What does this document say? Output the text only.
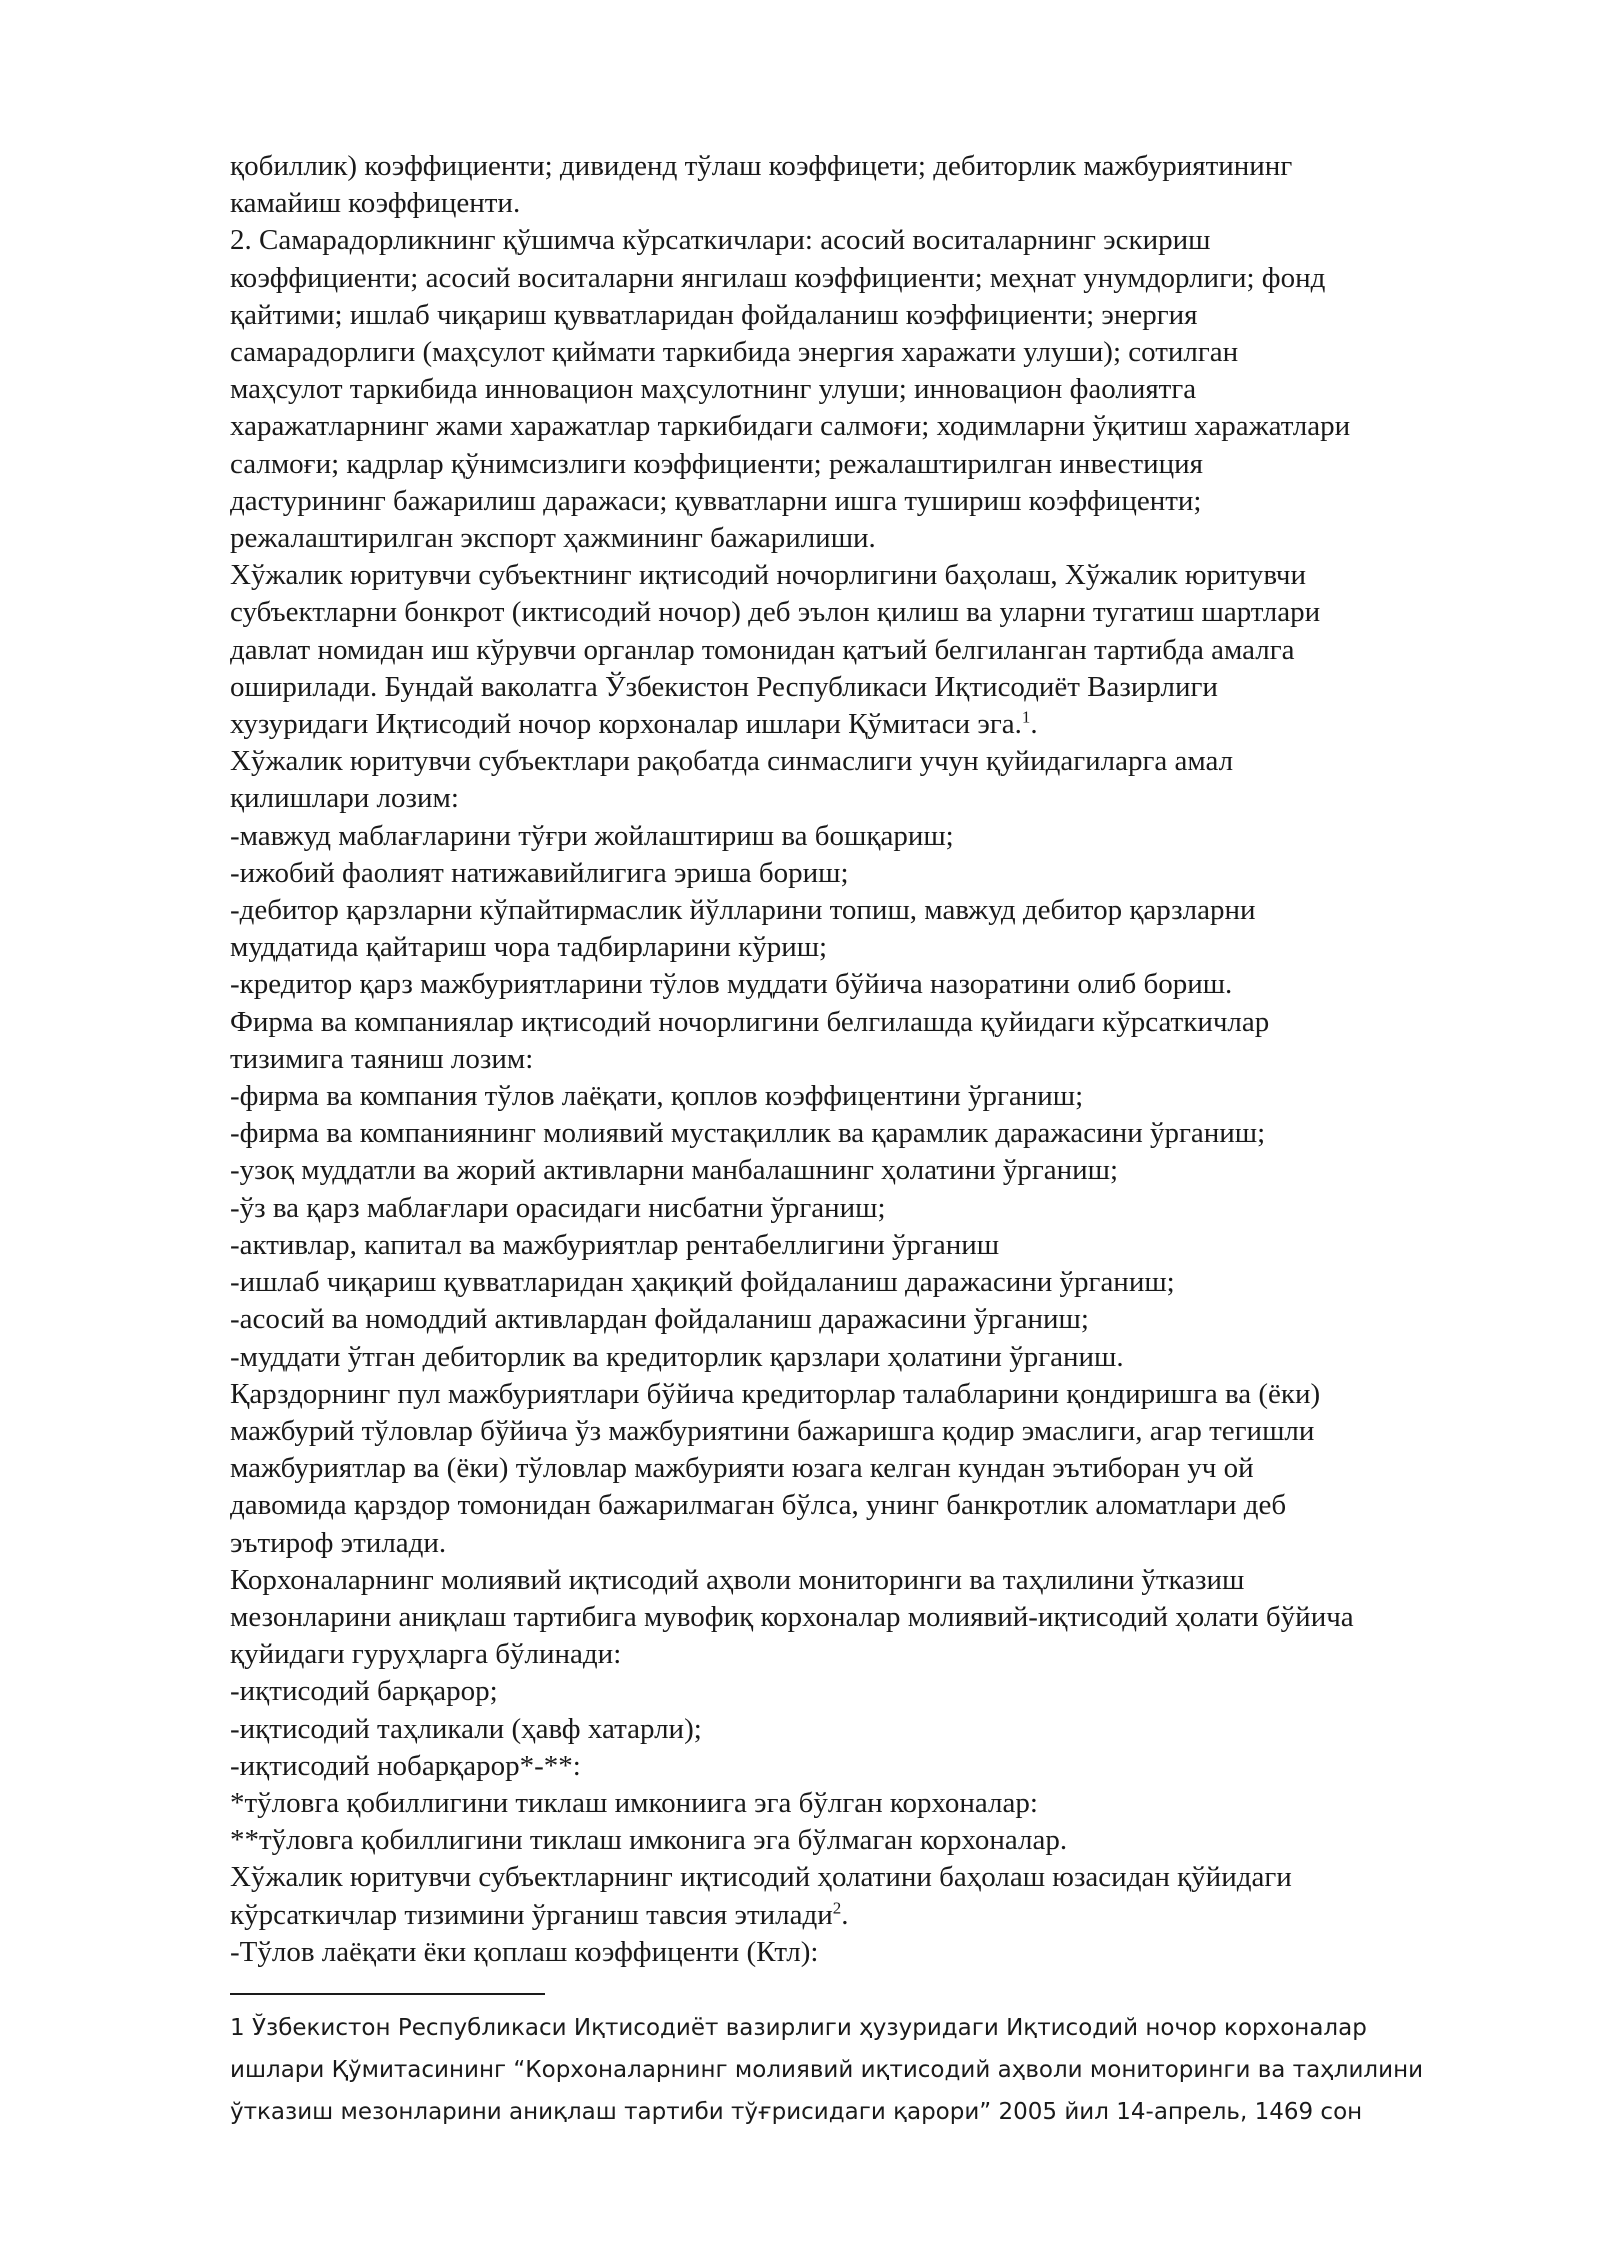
қобиллик) коэффициенти; дивиденд тўлаш коэффицети; дебиторлик мажбуриятининг
камайиш коэффиценти.
2. Самарадорликнинг қўшимча кўрсаткичлари: асосий воситаларнинг эскириш
коэффициенти; асосий воситаларни янгилаш коэффициенти; меҳнат унумдорлиги; фонд
қайтими; ишлаб чиқариш қувватларидан фойдаланиш коэффициенти; энергия
самарадорлиги (маҳсулот қиймати таркибида энергия харажати улуши); сотилган
маҳсулот таркибида инновацион маҳсулотнинг улуши; инновацион фаолиятга
харажатларнинг жами харажатлар таркибидаги салмоғи; ходимларни ўқитиш харажатлари
салмоғи; кадрлар қўнимсизлиги коэффициенти; режалаштирилган инвестиция
дастурининг бажарилиш даражаси; қувватларни ишга тушириш коэффиценти;
режалаштирилган экспорт ҳажмининг бажарилиши.
Хўжалик юритувчи субъектнинг иқтисодий ночорлигини баҳолаш, Хўжалик юритувчи
субъектларни бонкрот (иктисодий ночор) деб эълон қилиш ва уларни тугатиш шартлари
давлат номидан иш кўрувчи органлар томонидан қатъий белгиланган тартибда амалга
оширилади. Бундай ваколатга Ўзбекистон Республикаси Иқтисодиёт Вазирлиги
хузуридаги Иқтисодий ночор корхоналар ишлари Қўмитаси эга.$^1$.
Хўжалик юритувчи субъектлари рақобатда синмаслиги учун қуйидагиларга амал
қилишлари лозим:
-мавжуд маблағларини тўғри жойлаштириш ва бошқариш;
-ижобий фаолият натижавийлигига эриша бориш;
-дебитор қарзларни кўпайтирмаслик йўлларини топиш, мавжуд дебитор қарзларни
муддатида қайтариш чора тадбирларини кўриш;
-кредитор қарз мажбуриятларини тўлов муддати бўйича назоратини олиб бориш.
Фирма ва компаниялар иқтисодий ночорлигини белгилашда қуйидаги кўрсаткичлар
тизимига таяниш лозим:
-фирма ва компания тўлов лаёқати, қоплов коэффицентини ўрганиш;
-фирма ва компаниянинг молиявий мустақиллик ва қарамлик даражасини ўрганиш;
-узоқ муддатли ва жорий активларни манбалашнинг ҳолатини ўрганиш;
-ўз ва қарз маблағлари орасидаги нисбатни ўрганиш;
-активлар, капитал ва мажбуриятлар рентабеллигини ўрганиш
-ишлаб чиқариш қувватларидан ҳақиқий фойдаланиш даражасини ўрганиш;
-асосий ва номоддий активлардан фойдаланиш даражасини ўрганиш;
-муддати ўтган дебиторлик ва кредиторлик қарзлари ҳолатини ўрганиш.
Қарздорнинг пул мажбуриятлари бўйича кредиторлар талабларини қондиришга ва (ёки)
мажбурий тўловлар бўйича ўз мажбуриятини бажаришга қодир эмаслиги, агар тегишли
мажбуриятлар ва (ёки) тўловлар мажбурияти юзага келган кундан эътиборан уч ой
давомида қарздор томонидан бажарилмаган бўлса, унинг банкротлик аломатлари деб
эътироф этилади.
Корхоналарнинг молиявий иқтисодий аҳволи мониторинги ва таҳлилини ўтказиш
мезонларини аниқлаш тартибига мувофиқ корхоналар молиявий-иқтисодий ҳолати бўйича
қуйидаги гуруҳларга бўлинади:
-иқтисодий барқарор;
-иқтисодий таҳликали (ҳавф хатарли);
-иқтисодий нобарқарор*-**:
*тўловга қобиллигини тиклаш имкониига эга бўлган корхоналар:
**тўловга қобиллигини тиклаш имконига эга бўлмаган корхоналар.
Хўжалик юритувчи субъектларнинг иқтисодий ҳолатини баҳолаш юзасидан қўйидаги
кўрсаткичлар тизимини ўрганиш тавсия этилади$^2$.
-Тўлов лаёқати ёки қоплаш коэффиценти (Ктл):
1 Ўзбекистон Республикаси Иқтисодиёт вазирлиги ҳузуридаги Иқтисодий ночор корхоналар
ишлари Қўмитасининг “Корхоналарнинг молиявий иқтисодий аҳволи мониторинги ва таҳлилини
ўтказиш мезонларини аниқлаш тартиби тўғрисидаги қарори” 2005 йил 14-апрель, 1469 сон
